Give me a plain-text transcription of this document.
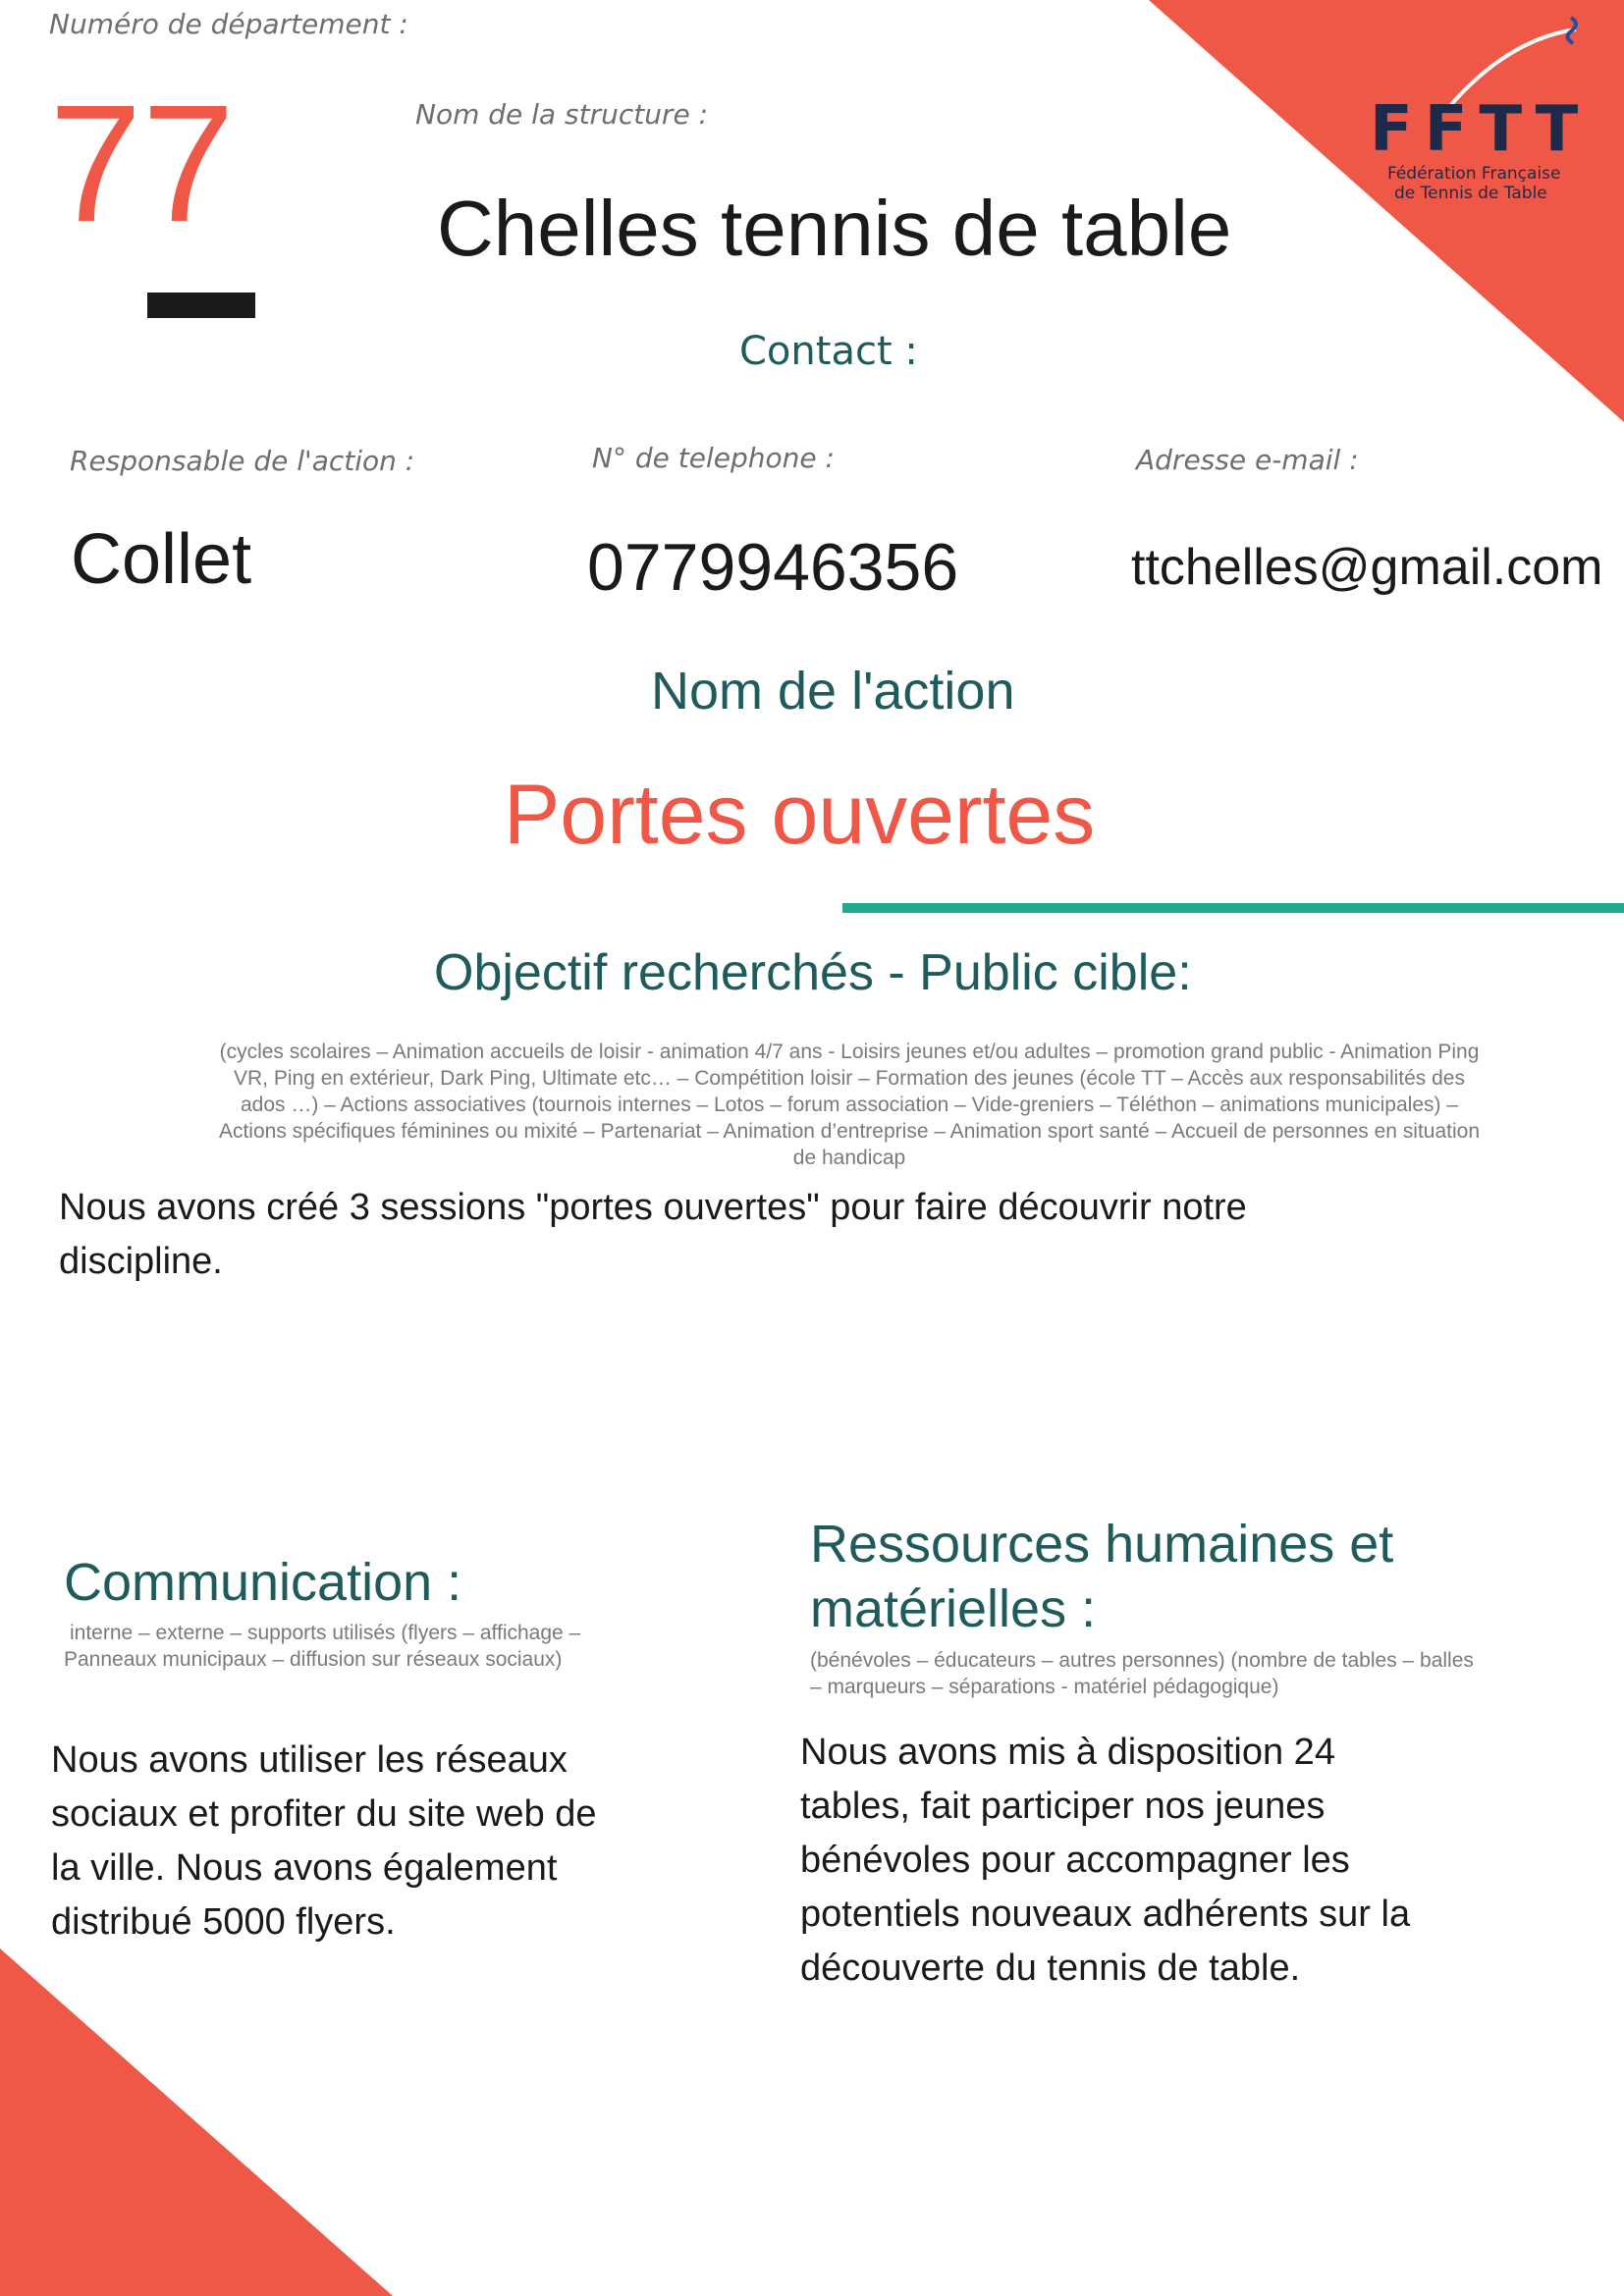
FFTT
Fédération Française
de Tennis de Table
Numéro de département :
77	Nom de la structure :
Chelles tennis de table
Contact :
Responsable de l'action :	N° de telephone :	Adresse e-mail :
Collet	0779946356	ttchelles@gmail.com
Nom de l'action
Portes ouvertes
Objectif recherchés - Public cible:
(cycles scolaires – Animation accueils de loisir - animation 4/7 ans - Loisirs jeunes et/ou adultes – promotion grand public - Animation Ping
VR, Ping en extérieur, Dark Ping, Ultimate etc… – Compétition loisir – Formation des jeunes (école TT – Accès aux responsabilités des
ados …) – Actions associatives (tournois internes – Lotos – forum association – Vide-greniers – Téléthon – animations municipales) –
Actions spécifiques féminines ou mixité – Partenariat – Animation d’entreprise – Animation sport santé – Accueil de personnes en situation
de handicap
Nous avons créé 3 sessions "portes ouvertes" pour faire découvrir notre
discipline.
Communication :
interne – externe – supports utilisés (flyers – affichage –
Panneaux municipaux – diffusion sur réseaux sociaux)
Nous avons utiliser les réseaux
sociaux et profiter du site web de
la ville. Nous avons également
distribué 5000 flyers.
Ressources humaines et
matérielles :
(bénévoles – éducateurs – autres personnes) (nombre de tables – balles
– marqueurs – séparations - matériel pédagogique)
Nous avons mis à disposition 24
tables, fait participer nos jeunes
bénévoles pour accompagner les
potentiels nouveaux adhérents sur la
découverte du tennis de table.
